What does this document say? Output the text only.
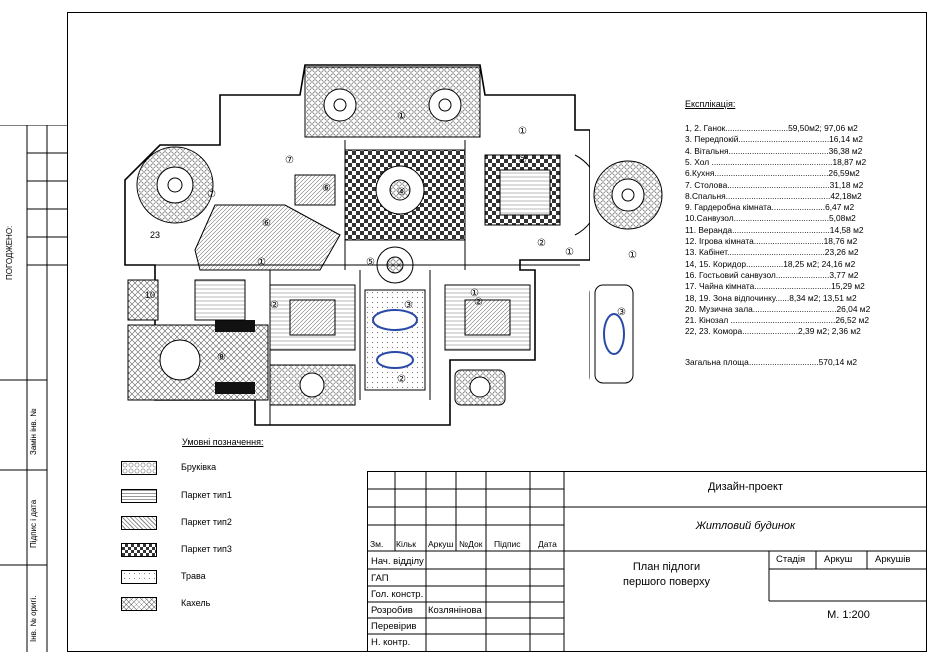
ПОГОДЖЕНО:
Замін інв. №
Підпис і дата
Інв. № оригі.
①
①
②
④
⑦
⑦
⑥
⑥
⑤
②
①	①
①
②	②
③
③
①
②
⑧
23
10
Умовні позначення:
Бруківка
Паркет тип1
Паркет тип2
Паркет тип3
Трава
Кахель
Експлікація:
1, 2. Ганок...........................59,50м2; 97,06 м2
3. Передпокій.......................................16,14 м2
4. Вітальня...........................................36,38 м2
5. Хол ....................................................18,87 м2
6.Кухня.................................................26,59м2
7. Столова............................................31,18 м2
8.Спальня.............................................42,18м2
9. Гардеробна кімната.......................6,47 м2
10.Санвузол.........................................5,08м2
11. Веранда..........................................14,58 м2
12. Ігрова кімната..............................18,76 м2
13. Кабінет..........................................23,26 м2
14, 15. Коридор................18,25 м2; 24,16 м2
16. Гостьовий санвузол.......................3,77 м2
17. Чайна кімната.................................15,29 м2
18, 19. Зона відпочинку......8,34 м2; 13,51 м2
20. Музична зала....................................26,04 м2
21. Кінозал .............................................26,52 м2
22, 23. Комора........................2,39 м2; 2,36 м2
Загальна площа..............................570,14 м2
Дизайн-проект
Житловий будинок
План підлоги
першого поверху
Стадія Аркуш Аркушів
М. 1:200
Зм. Кільк Аркуш №Док Підпис Дата
Нач. відділу
ГАП
Гол. констр.
Розробив Козлянінова
Перевірив
Н. контр.
